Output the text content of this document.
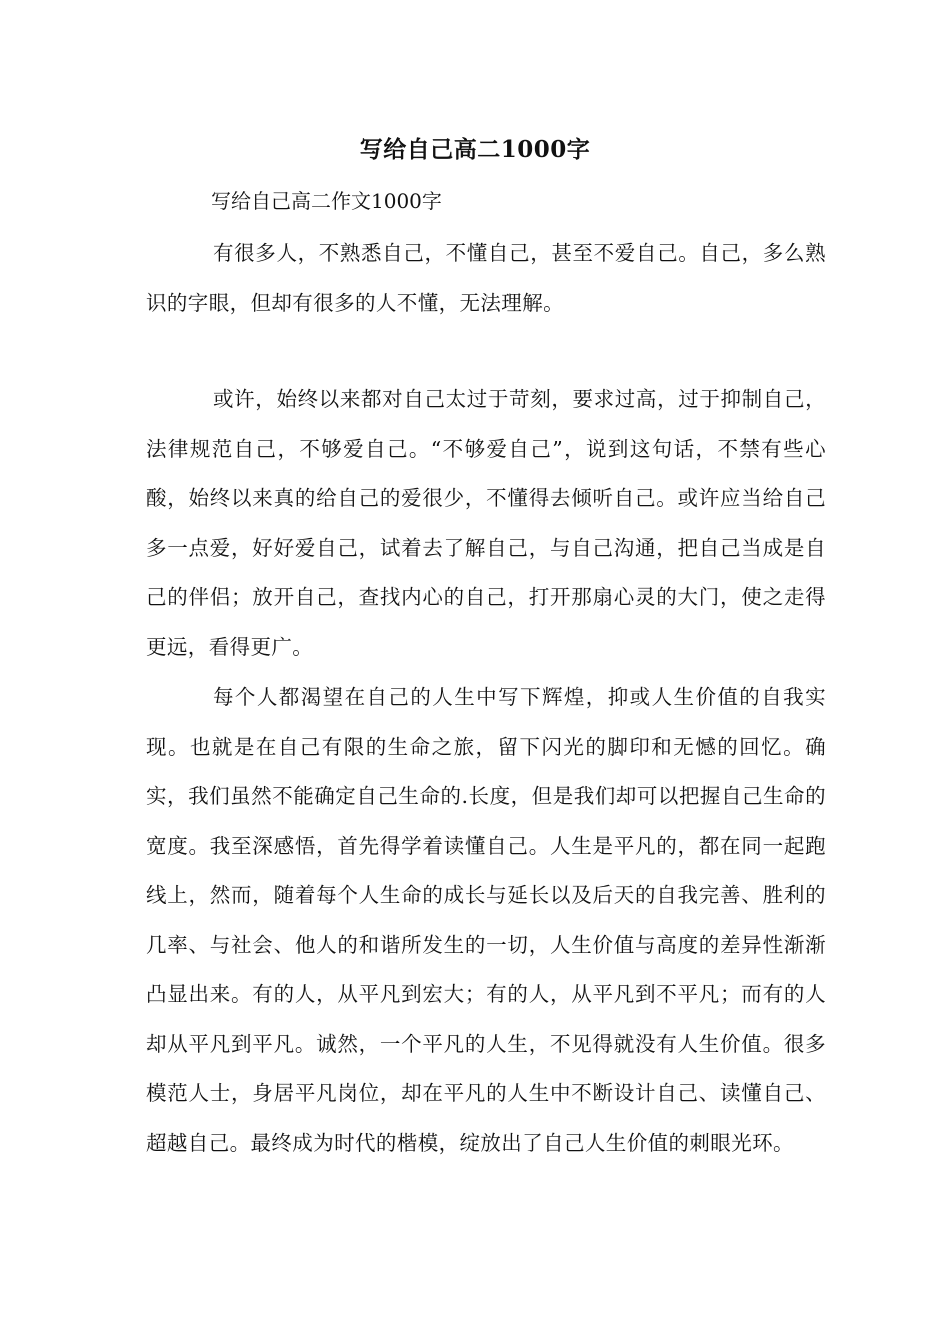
写给自己高二1000字
写给自己高二作文1000字

有很多人，不熟悉自己，不懂自己，甚至不爱自己。自己，多么熟识的字眼，但却有很多的人不懂，无法理解。

或许，始终以来都对自己太过于苛刻，要求过高，过于抑制自己，法律规范自己，不够爱自己。“不够爱自己”，说到这句话，不禁有些心酸，始终以来真的给自己的爱很少，不懂得去倾听自己。或许应当给自己多一点爱，好好爱自己，试着去了解自己，与自己沟通，把自己当成是自己的伴侣；放开自己，查找内心的自己，打开那扇心灵的大门，使之走得更远，看得更广。

每个人都渴望在自己的人生中写下辉煌，抑或人生价值的自我实现。也就是在自己有限的生命之旅，留下闪光的脚印和无憾的回忆。确实，我们虽然不能确定自己生命的.长度，但是我们却可以把握自己生命的宽度。我至深感悟，首先得学着读懂自己。人生是平凡的，都在同一起跑线上，然而，随着每个人生命的成长与延长以及后天的自我完善、胜利的几率、与社会、他人的和谐所发生的一切，人生价值与高度的差异性渐渐凸显出来。有的人，从平凡到宏大；有的人，从平凡到不平凡；而有的人却从平凡到平凡。诚然，一个平凡的人生，不见得就没有人生价值。很多模范人士，身居平凡岗位，却在平凡的人生中不断设计自己、读懂自己、超越自己。最终成为时代的楷模，绽放出了自己人生价值的刺眼光环。
